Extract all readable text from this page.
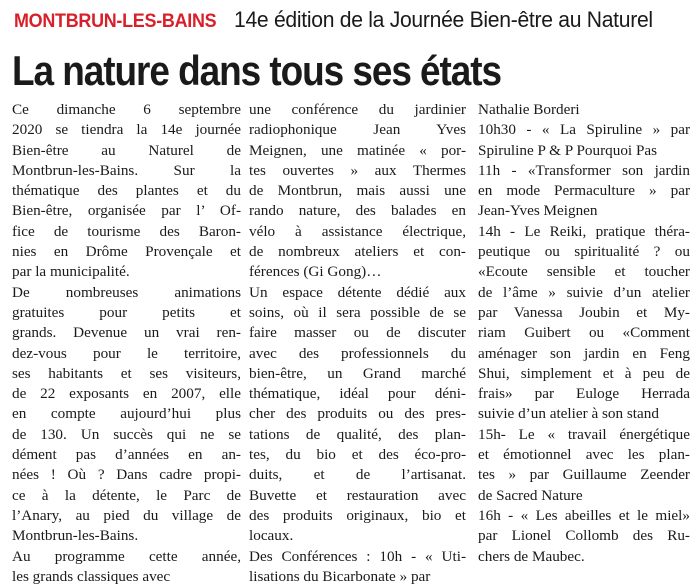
MONTBRUN-LES-BAINS 14e édition de la Journée Bien-être au Naturel
La nature dans tous ses états
Ce dimanche 6 septembre
2020 se tiendra la 14e journée
Bien-être au Naturel de
Montbrun-les-Bains. Sur la
thématique des plantes et du
Bien-être, organisée par l’ Of-
fice de tourisme des Baron-
nies en Drôme Provençale et
par la municipalité.
De nombreuses animations
gratuites pour petits et
grands. Devenue un vrai ren-
dez-vous pour le territoire,
ses habitants et ses visiteurs,
de 22 exposants en 2007, elle
en compte aujourd’hui plus
de 130. Un succès qui ne se
dément pas d’années en an-
nées ! Où ? Dans cadre propi-
ce à la détente, le Parc de
l’Anary, au pied du village de
Montbrun-les-Bains.
Au programme cette année,
les grands classiques avec
une conférence du jardinier
radiophonique Jean Yves
Meignen, une matinée « por-
tes ouvertes » aux Thermes
de Montbrun, mais aussi une
rando nature, des balades en
vélo à assistance électrique,
de nombreux ateliers et con-
férences (Gi Gong)…
Un espace détente dédié aux
soins, où il sera possible de se
faire masser ou de discuter
avec des professionnels du
bien-être, un Grand marché
thématique, idéal pour déni-
cher des produits ou des pres-
tations de qualité, des plan-
tes, du bio et des éco-pro-
duits, et de l’artisanat.
Buvette et restauration avec
des produits originaux, bio et
locaux.
Des Conférences : 10h - « Uti-
lisations du Bicarbonate » par
Nathalie Borderi
10h30 - « La Spiruline » par
Spiruline P & P Pourquoi Pas
11h - «Transformer son jardin
en mode Permaculture » par
Jean-Yves Meignen
14h - Le Reiki, pratique théra-
peutique ou spiritualité ? ou
«Ecoute sensible et toucher
de l’âme » suivie d’un atelier
par Vanessa Joubin et My-
riam Guibert ou «Comment
aménager son jardin en Feng
Shui, simplement et à peu de
frais» par Euloge Herrada
suivie d’un atelier à son stand
15h- Le « travail énergétique
et émotionnel avec les plan-
tes » par Guillaume Zeender
de Sacred Nature
16h - « Les abeilles et le miel»
par Lionel Collomb des Ru-
chers de Maubec.
